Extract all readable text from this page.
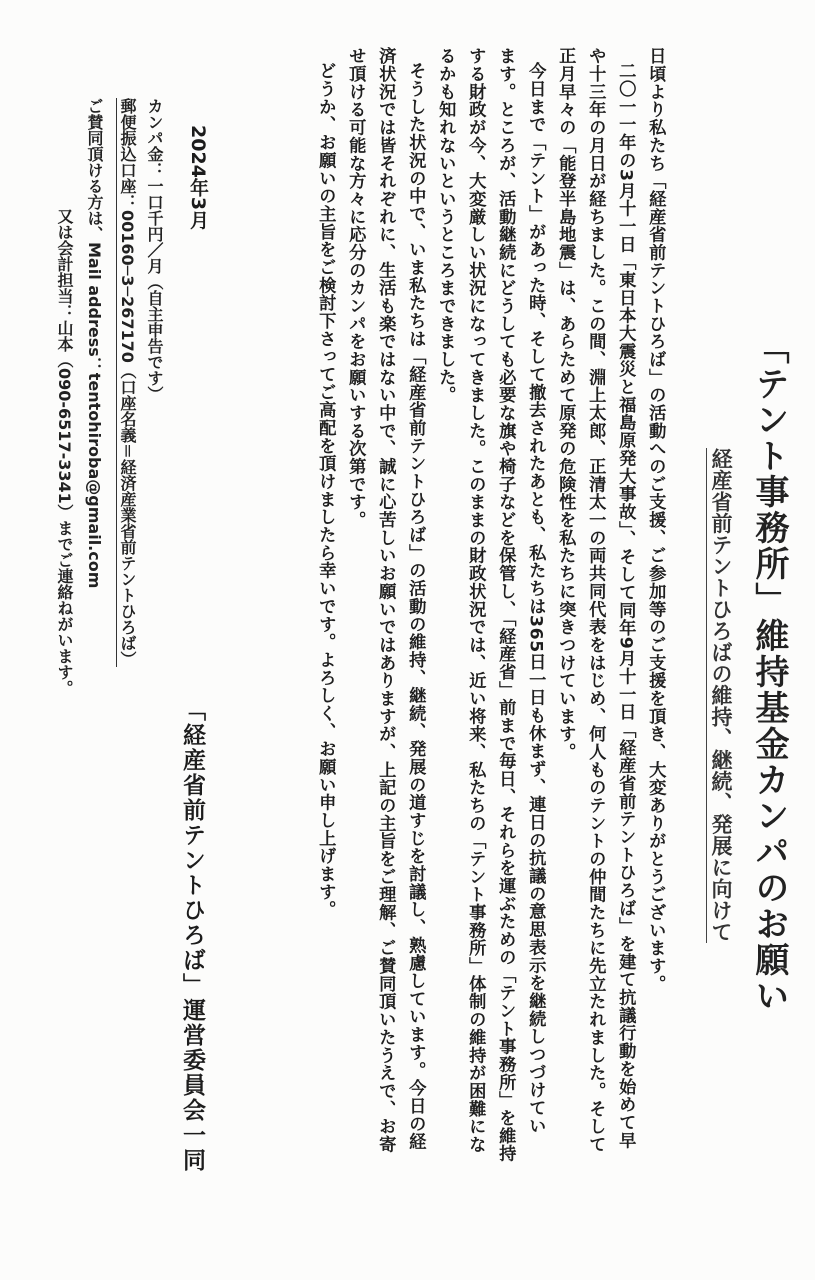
「テント事務所」維持基金カンパのお願い
経産省前テントひろばの維持、継続、発展に向けて

日頃より私たち「経産省前テントひろば」の活動へのご支援、ご参加等のご支援を頂き、大変ありがとうございます。

二〇一一年の3月十一日「東日本大震災と福島原発大事故」、そして同年9月十一日「経産省前テントひろば」を建て抗議行動を始めて早

や十三年の月日が経ちました。この間、淵上太郎、正清太一の両共同代表をはじめ、何人ものテントの仲間たちに先立たれました。そして

正月早々の「能登半島地震」は、あらためて原発の危険性を私たちに突きつけています。

今日まで「テント」があった時、そして撤去されたあとも、私たちは365日一日も休まず、連日の抗議の意思表示を継続しつづけてい

ます。ところが、活動継続にどうしても必要な旗や椅子などを保管し、「経産省」前まで毎日、それらを運ぶための「テント事務所」を維持

する財政が今、大変厳しい状況になってきました。このままの財政状況では、近い将来、私たちの「テント事務所」体制の維持が困難にな

るかも知れないというところまできました。

そうした状況の中で、いま私たちは「経産省前テントひろば」の活動の維持、継続、発展の道すじを討議し、熟慮しています。今日の経

済状況では皆それぞれに、生活も楽ではない中で、誠に心苦しいお願いではありますが、上記の主旨をご理解、ご賛同頂いたうえで、お寄

せ頂ける可能な方々に応分のカンパをお願いする次第です。

どうか、お願いの主旨をご検討下さってご高配を頂けましたら幸いです。よろしく、お願い申し上げます。

2024年3月
「経産省前テントひろば」運営委員会一同

カンパ金：一口千円／月（自主申告です）

郵便振込口座：00160─3─267170（口座名義＝経済産業省前テントひろば）

ご賛同頂ける方は、Mail address：tentohiroba@gmail.com

又は会計担当：山本（090-6517-3341）までご連絡ねがいます。
